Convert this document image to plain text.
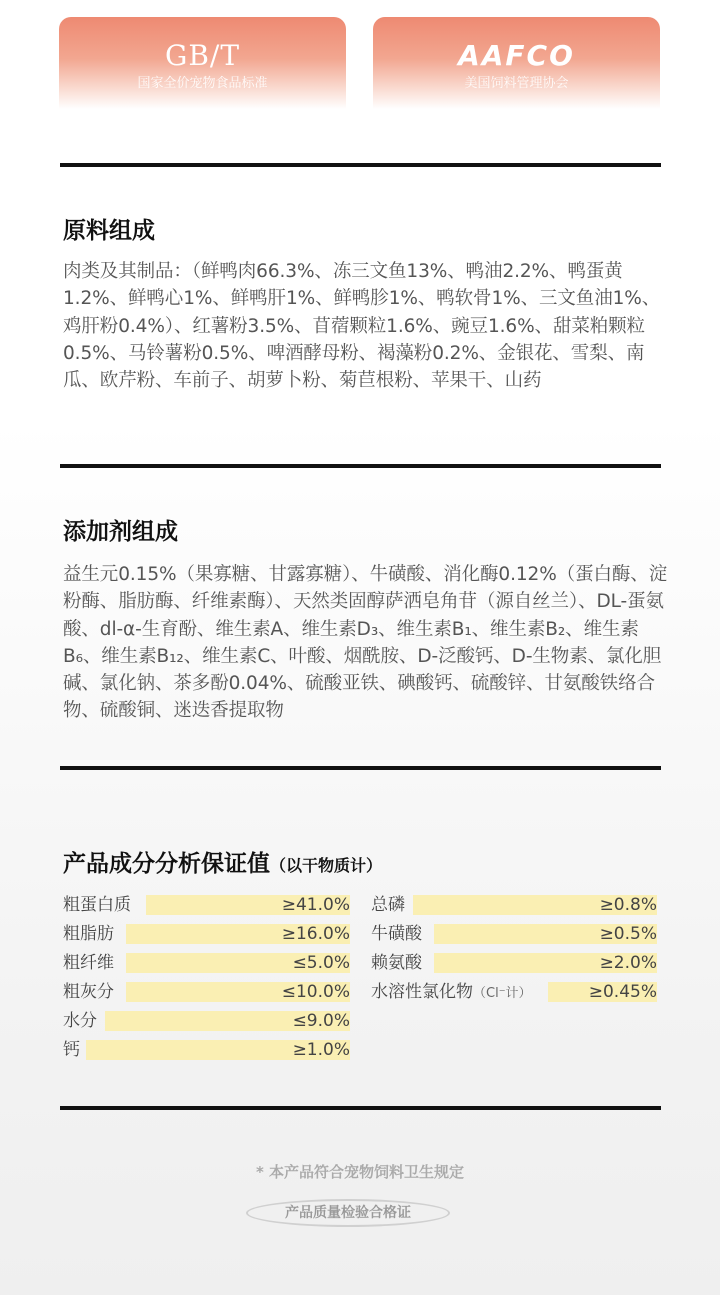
GB/T
国家全价宠物食品标准
AAFCO
美国饲料管理协会
原料组成

肉类及其制品：（鲜鸭肉66.3%、冻三文鱼13%、鸭油2.2%、鸭蛋黄1.2%、鲜鸭心1%、鲜鸭肝1%、鲜鸭胗1%、鸭软骨1%、三文鱼油1%、鸡肝粉0.4%）、红薯粉3.5%、苜蓿颗粒1.6%、豌豆1.6%、甜菜粕颗粒0.5%、马铃薯粉0.5%、啤酒酵母粉、褐藻粉0.2%、金银花、雪梨、南瓜、欧芹粉、车前子、胡萝卜粉、菊苣根粉、苹果干、山药

添加剂组成

益生元0.15%（果寡糖、甘露寡糖）、牛磺酸、消化酶0.12%（蛋白酶、淀粉酶、脂肪酶、纤维素酶）、天然类固醇萨洒皂角苷（源自丝兰）、DL-蛋氨酸、dl-α-生育酚、维生素A、维生素D₃、维生素B₁、维生素B₂、维生素B₆、维生素B₁₂、维生素C、叶酸、烟酰胺、D-泛酸钙、D-生物素、氯化胆碱、氯化钠、茶多酚0.04%、硫酸亚铁、碘酸钙、硫酸锌、甘氨酸铁络合物、硫酸铜、迷迭香提取物

产品成分分析保证值（以干物质计）
粗蛋白质	≥41.0%
粗脂肪	≥16.0%
粗纤维	≤5.0%
粗灰分	≤10.0%
水分	≤9.0%
钙	≥1.0%
总磷	≥0.8%
牛磺酸	≥0.5%
赖氨酸	≥2.0%
水溶性氯化物（Cl⁻计）	≥0.45%
* 本产品符合宠物饲料卫生规定
产品质量检验合格证
